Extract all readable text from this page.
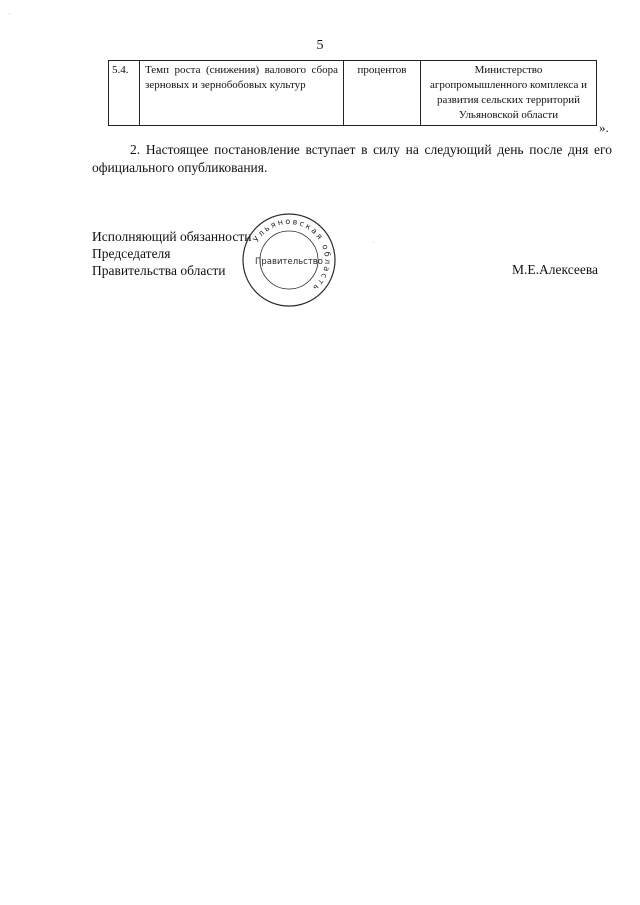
5
5.4.	Темп роста (снижения) валового сбора зерновых и зернобобовых культур	процентов	Министерство агропромышленного комплекса и развития сельских территорий Ульяновской области
».
2. Настоящее постановление вступает в силу на следующий день после дня его официального опубликования.
Исполняющий обязанности
Председателя
Правительства области	М.Е.Алексеева
Ульяновская область
Правительство
·
·
